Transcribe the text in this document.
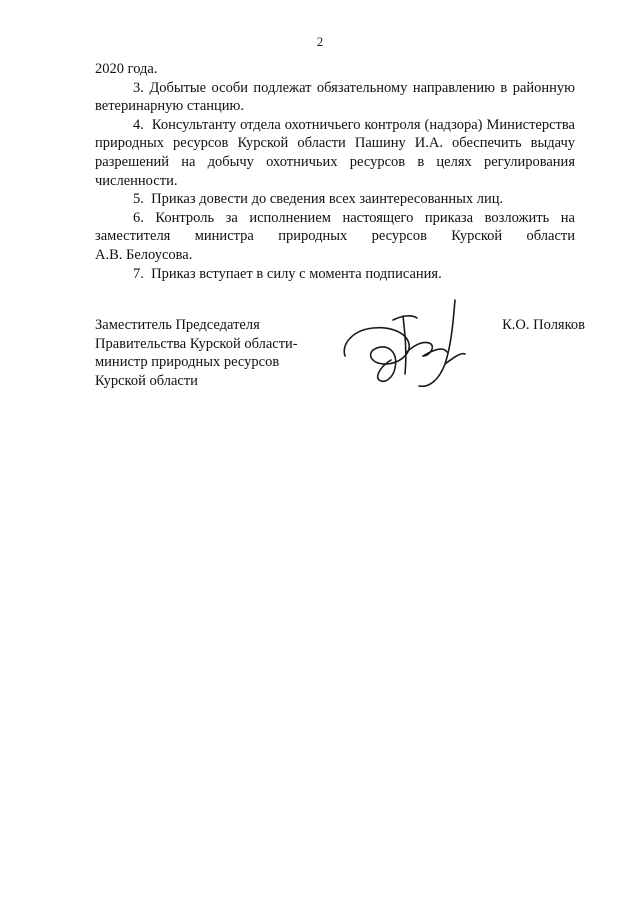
2

2020 года.

3. Добытые особи подлежат обязательному направлению в районную ветеринарную станцию.

4.  Консультанту отдела охотничьего контроля (надзора) Министерства природных ресурсов Курской области Пашину И.А. обеспечить выдачу разрешений на добычу охотничьих ресурсов в целях регулирования численности.

5.  Приказ довести до сведения всех заинтересованных лиц.

6. Контроль за исполнением настоящего приказа возложить на

заместителя министра природных ресурсов Курской области

А.В. Белоусова.

7.  Приказ вступает в силу с момента подписания.

Заместитель Председателя
Правительства Курской области-
министр природных ресурсов
Курской области
К.О. Поляков
